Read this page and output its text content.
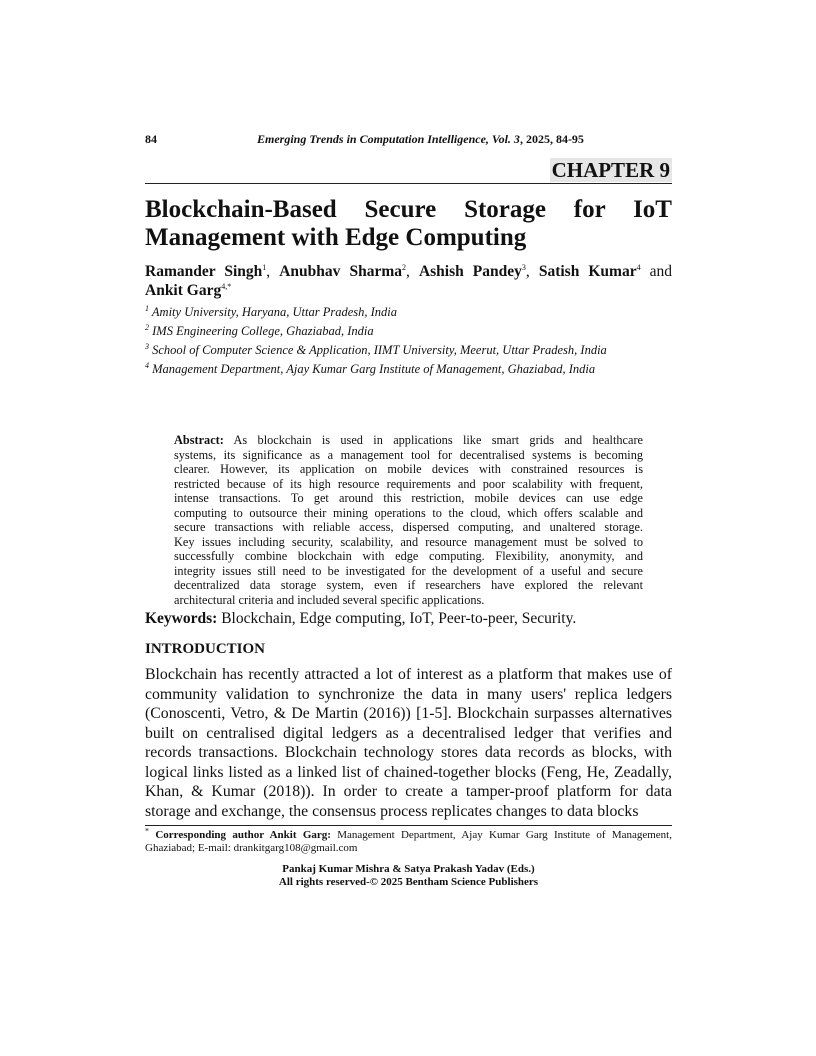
84	Emerging Trends in Computation Intelligence, Vol. 3, 2025, 84-95
CHAPTER 9
Blockchain-Based Secure Storage for IoT
Management with Edge Computing
Ramander Singh$^1$, Anubhav Sharma$^2$, Ashish Pandey$^3$, Satish Kumar$^4$ and
Ankit Garg$^{4,*}$
$^1$ Amity University, Haryana, Uttar Pradesh, India
$^2$ IMS Engineering College, Ghaziabad, India
$^3$ School of Computer Science & Application, IIMT University, Meerut, Uttar Pradesh, India
$^4$ Management Department, Ajay Kumar Garg Institute of Management, Ghaziabad, India
Abstract: As blockchain is used in applications like smart grids and healthcare
systems, its significance as a management tool for decentralised systems is becoming
clearer. However, its application on mobile devices with constrained resources is
restricted because of its high resource requirements and poor scalability with frequent,
intense transactions. To get around this restriction, mobile devices can use edge
computing to outsource their mining operations to the cloud, which offers scalable and
secure transactions with reliable access, dispersed computing, and unaltered storage.
Key issues including security, scalability, and resource management must be solved to
successfully combine blockchain with edge computing. Flexibility, anonymity, and
integrity issues still need to be investigated for the development of a useful and secure
decentralized data storage system, even if researchers have explored the relevant
architectural criteria and included several specific applications.
Keywords: Blockchain, Edge computing, IoT, Peer-to-peer, Security.
INTRODUCTION
Blockchain has recently attracted a lot of interest as a platform that makes use of
community validation to synchronize the data in many users' replica ledgers
(Conoscenti, Vetro, & De Martin (2016)) [1-5]. Blockchain surpasses alternatives
built on centralised digital ledgers as a decentralised ledger that verifies and
records transactions. Blockchain technology stores data records as blocks, with
logical links listed as a linked list of chained-together blocks (Feng, He, Zeadally,
Khan, & Kumar (2018)). In order to create a tamper-proof platform for data
storage and exchange, the consensus process replicates changes to data blocks
* Corresponding author Ankit Garg: Management Department, Ajay Kumar Garg Institute of Management,
Ghaziabad; E-mail: drankitgarg108@gmail.com
Pankaj Kumar Mishra & Satya Prakash Yadav (Eds.)
All rights reserved-© 2025 Bentham Science Publishers
